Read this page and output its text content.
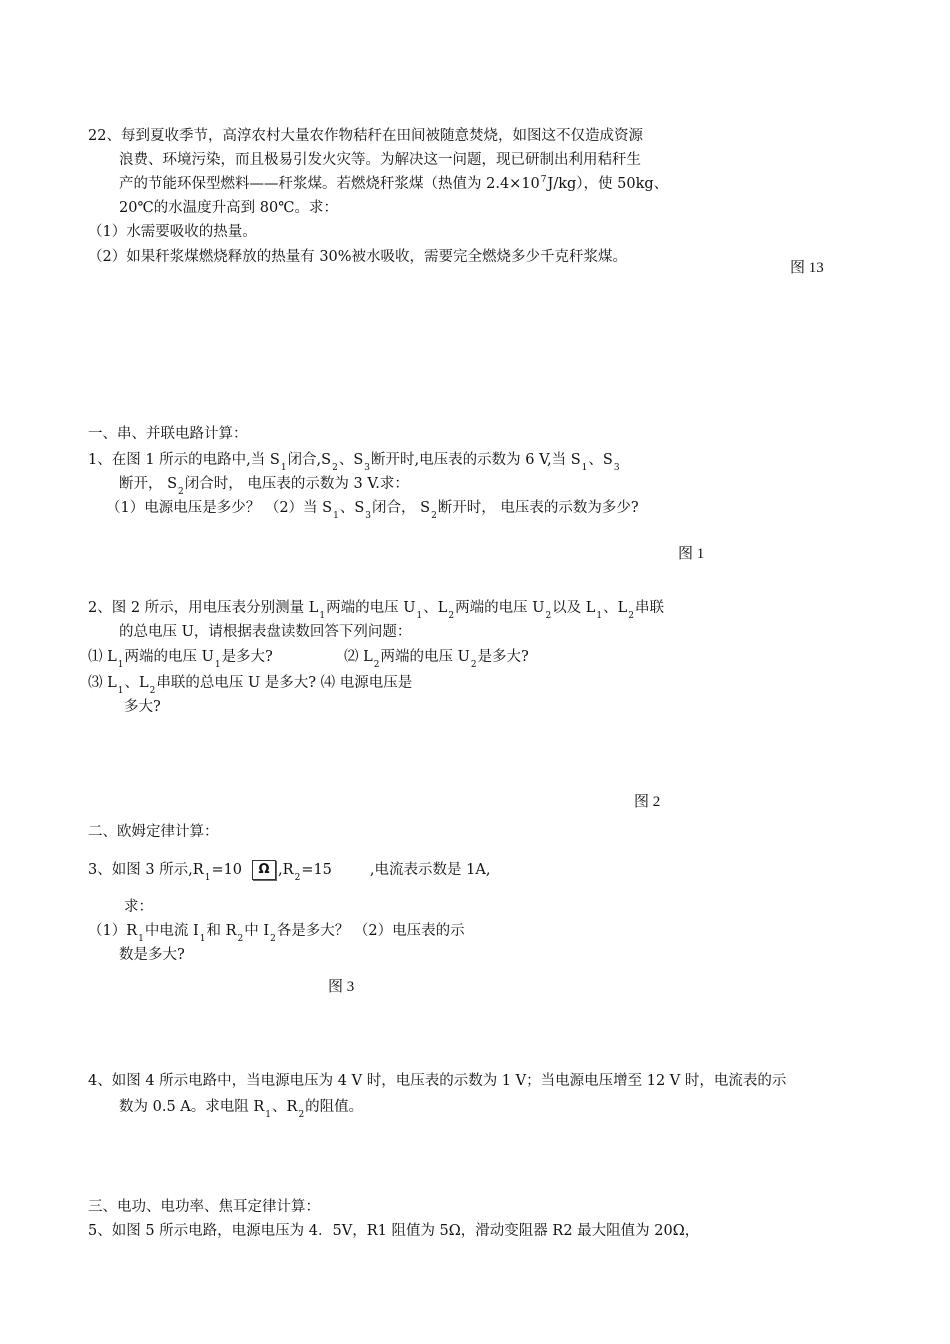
22、每到夏收季节，高淳农村大量农作物秸秆在田间被随意焚烧，如图这不仅造成资源
浪费、环境污染，而且极易引发火灾等。为解决这一问题，现已研制出利用秸秆生
产的节能环保型燃料——秆浆煤。若燃烧秆浆煤（热值为 $2.4\times 10^7J/kg$），使 50kg、
20℃的水温度升高到 80℃。求：
（1）水需要吸收的热量。
（2）如果秆浆煤燃烧释放的热量有 30%被水吸收，需要完全燃烧多少千克秆浆煤。
图 13
一、串、并联电路计算：
1、在图 1 所示的电路中,当 $S_1$闭合$,S_2$、$S_3$断开时,电压表的示数为 6 V,当 $S_1$、$S_3$
断开， $S_2$闭合时， 电压表的示数为 3 V.求：
（1）电源电压是多少？ （2）当 $S_1$、$S_3$闭合， $S_2$断开时， 电压表的示数为多少?
图 1
2、图 2 所示，用电压表分别测量 $L_1$两端的电压 $U_1$、$L_2$两端的电压 $U_2$以及 $L_1$、$L_2$串联
的总电压 U，请根据表盘读数回答下列问题：
⑴ $L_1$两端的电压 $U_1$是多大?	⑵ $L_2$两端的电压 $U_2$是多大?
⑶ $L_1$、$L_2$串联的总电压 U 是多大? ⑷ 电源电压是
多大?
图 2
二、欧姆定律计算：
3、如图 3 所示$,R_1=10$ Ω $,R_2=15$	,电流表示数是 1A,
求：
$(1)R_1$中电流 $I_1$和 $R_2$中 $I_2$各是多大？ （2）电压表的示
数是多大?
图 3
4、如图 4 所示电路中，当电源电压为 4 V 时，电压表的示数为 1 V；当电源电压增至 12 V 时，电流表的示
数为 0.5 A。求电阻 $R_1$、$R_2$的阻值。
三、电功、电功率、焦耳定律计算：
5、如图 5 所示电路，电源电压为 4．5V，R1 阻值为 5Ω，滑动变阻器 R2 最大阻值为 20Ω，
